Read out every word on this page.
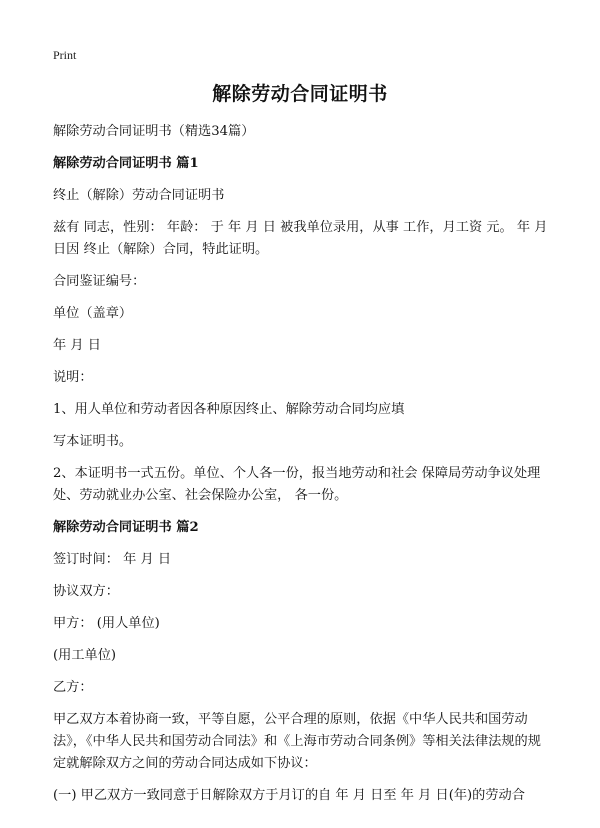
Print
解除劳动合同证明书
解除劳动合同证明书（精选34篇）
解除劳动合同证明书 篇1
终止（解除）劳动合同证明书
兹有 同志，性别： 年龄： 于 年 月 日 被我单位录用，从事 工作，月工资 元。 年 月 日因 终止（解除）合同，特此证明。
合同鉴证编号：
单位（盖章）
年 月 日
说明：
1、用人单位和劳动者因各种原因终止、解除劳动合同均应填
写本证明书。
2、本证明书一式五份。单位、个人各一份，报当地劳动和社会 保障局劳动争议处理处、劳动就业办公室、社会保险办公室， 各一份。
解除劳动合同证明书 篇2
签订时间： 年 月 日
协议双方：
甲方： (用人单位)
(用工单位)
乙方：
甲乙双方本着协商一致，平等自愿，公平合理的原则，依据《中华人民共和国劳动法》，《中华人民共和国劳动合同法》和《上海市劳动合同条例》等相关法律法规的规定就解除双方之间的劳动合同达成如下协议：
(一) 甲乙双方一致同意于日解除双方于月订的自 年 月 日至 年 月 日(年)的劳动合
